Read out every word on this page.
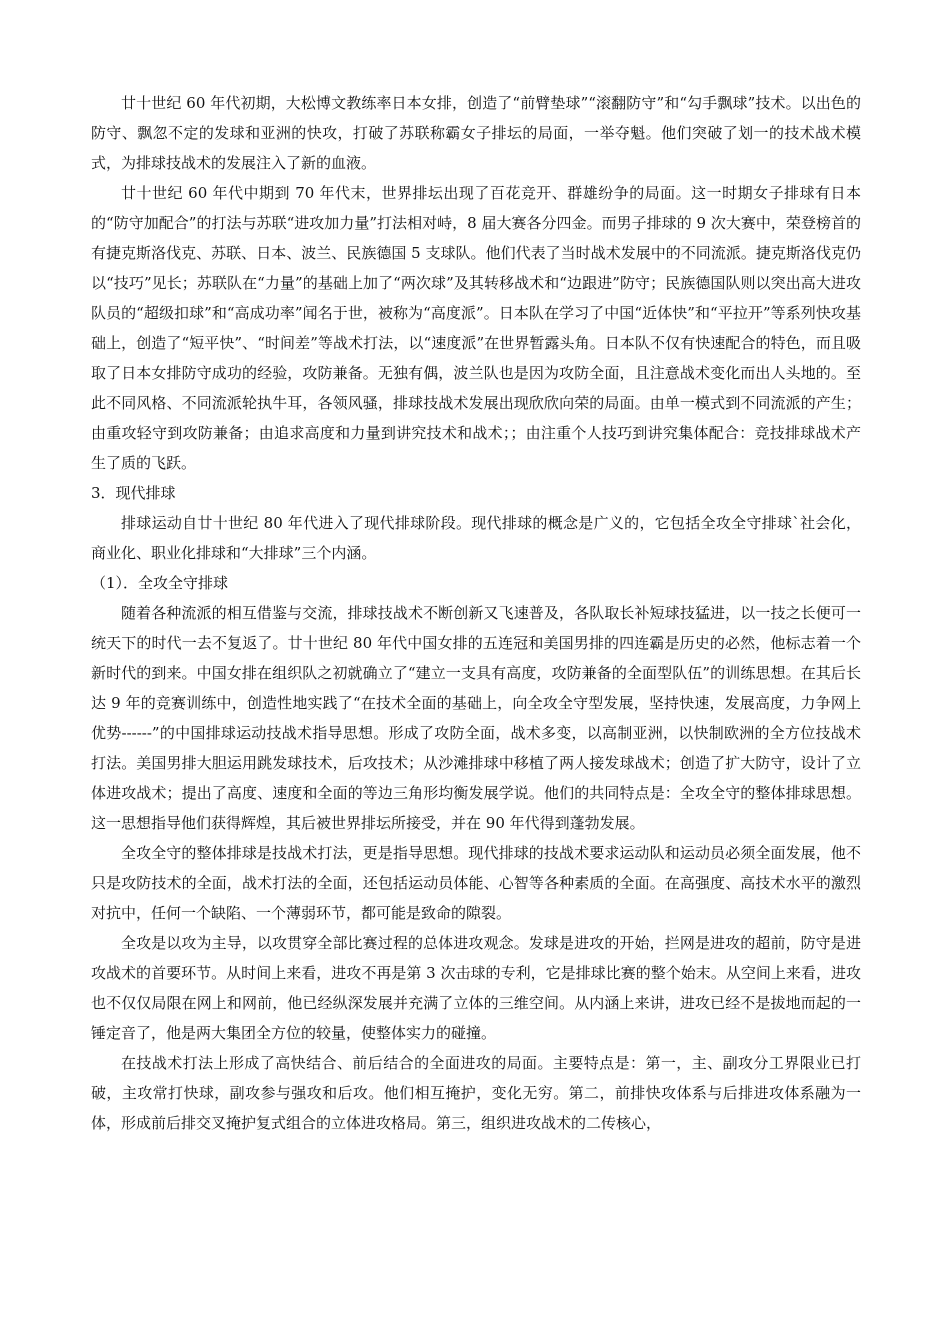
廿十世纪 60 年代初期，大松博文教练率日本女排，创造了“前臂垫球”“滚翻防守”和“勾手飘球”技术。以出色的防守、飘忽不定的发球和亚洲的快攻，打破了苏联称霸女子排坛的局面，一举夺魁。他们突破了划一的技术战术模式，为排球技战术的发展注入了新的血液。

廿十世纪 60 年代中期到 70 年代末，世界排坛出现了百花竞开、群雄纷争的局面。这一时期女子排球有日本的“防守加配合”的打法与苏联“进攻加力量”打法相对峙，8 届大赛各分四金。而男子排球的 9 次大赛中，荣登榜首的有捷克斯洛伐克、苏联、日本、波兰、民族德国 5 支球队。他们代表了当时战术发展中的不同流派。捷克斯洛伐克仍以“技巧”见长；苏联队在“力量”的基础上加了“两次球”及其转移战术和“边跟进”防守；民族德国队则以突出高大进攻队员的“超级扣球”和“高成功率”闻名于世，被称为“高度派”。日本队在学习了中国“近体快”和“平拉开”等系列快攻基础上，创造了“短平快”、“时间差”等战术打法，以“速度派”在世界暂露头角。日本队不仅有快速配合的特色，而且吸取了日本女排防守成功的经验，攻防兼备。无独有偶，波兰队也是因为攻防全面，且注意战术变化而出人头地的。至此不同风格、不同流派轮执牛耳，各领风骚，排球技战术发展出现欣欣向荣的局面。由单一模式到不同流派的产生；由重攻轻守到攻防兼备；由追求高度和力量到讲究技术和战术；；由注重个人技巧到讲究集体配合：竞技排球战术产生了质的飞跃。

3．现代排球

排球运动自廿十世纪 80 年代进入了现代排球阶段。现代排球的概念是广义的，它包括全攻全守排球`社会化，商业化、职业化排球和“大排球”三个内涵。

（1）．全攻全守排球

随着各种流派的相互借鉴与交流，排球技战术不断创新又飞速普及，各队取长补短球技猛进，以一技之长便可一统天下的时代一去不复返了。廿十世纪 80 年代中国女排的五连冠和美国男排的四连霸是历史的必然，他标志着一个新时代的到来。中国女排在组织队之初就确立了“建立一支具有高度，攻防兼备的全面型队伍”的训练思想。在其后长达 9 年的竞赛训练中，创造性地实践了“在技术全面的基础上，向全攻全守型发展，坚持快速，发展高度，力争网上优势------”的中国排球运动技战术指导思想。形成了攻防全面，战术多变，以高制亚洲，以快制欧洲的全方位技战术打法。美国男排大胆运用跳发球技术，后攻技术；从沙滩排球中移植了两人接发球战术；创造了扩大防守，设计了立体进攻战术；提出了高度、速度和全面的等边三角形均衡发展学说。他们的共同特点是：全攻全守的整体排球思想。这一思想指导他们获得辉煌，其后被世界排坛所接受，并在 90 年代得到蓬勃发展。

全攻全守的整体排球是技战术打法，更是指导思想。现代排球的技战术要求运动队和运动员必须全面发展，他不只是攻防技术的全面，战术打法的全面，还包括运动员体能、心智等各种素质的全面。在高强度、高技术水平的激烈对抗中，任何一个缺陷、一个薄弱环节，都可能是致命的隙裂。

全攻是以攻为主导，以攻贯穿全部比赛过程的总体进攻观念。发球是进攻的开始，拦网是进攻的超前，防守是进攻战术的首要环节。从时间上来看，进攻不再是第 3 次击球的专利，它是排球比赛的整个始末。从空间上来看，进攻也不仅仅局限在网上和网前，他已经纵深发展并充满了立体的三维空间。从内涵上来讲，进攻已经不是拔地而起的一锤定音了，他是两大集团全方位的较量，使整体实力的碰撞。

在技战术打法上形成了高快结合、前后结合的全面进攻的局面。主要特点是：第一，主、副攻分工界限业已打破，主攻常打快球，副攻参与强攻和后攻。他们相互掩护，变化无穷。第二，前排快攻体系与后排进攻体系融为一体，形成前后排交叉掩护复式组合的立体进攻格局。第三，组织进攻战术的二传核心，
